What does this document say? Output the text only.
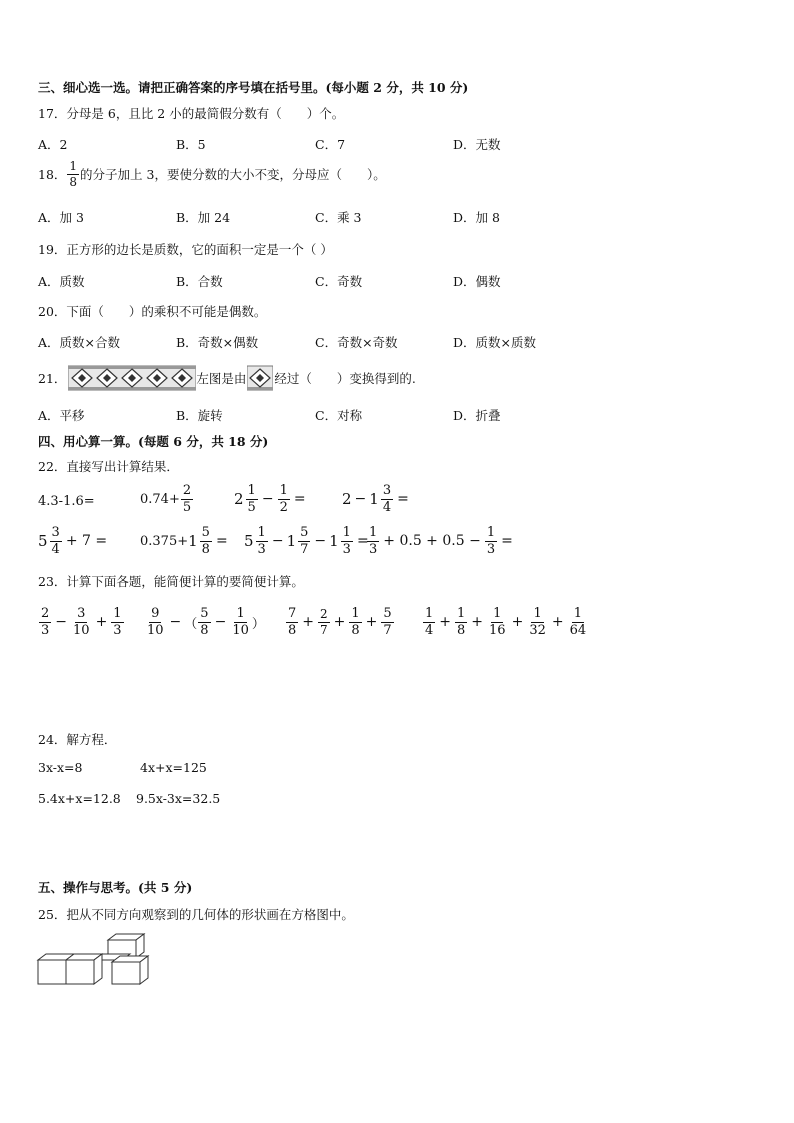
三、细心选一选。请把正确答案的序号填在括号里。(每小题 2 分，共 10 分)
17．分母是 6，且比 2 小的最简假分数有（　　）个。
A．2	B．5	C．7	D．无数
18． $\frac{1}{8}$ 的分子加上 3，要使分数的大小不变，分母应（　　）。
A．加 3	B．加 24	C．乘 3	D．加 8
19．正方形的边长是质数，它的面积一定是一个（ ）
A．质数	B．合数	C．奇数	D．偶数
20．下面（　　）的乘积不可能是偶数。
A．质数×合数	B．奇数×偶数	C．奇数×奇数	D．质数×质数
21．	左图是由 经过（　　）变换得到的.
A．平移	B．旋转	C．对称	D．折叠
四、用心算一算。(每题 6 分，共 18 分)
22．直接写出计算结果．
4.3-1.6=	$0.74+ \frac{2}{5}$	$2 \frac{1}{5} - \frac{1}{2} = 2 - 1 \frac{3}{4}$ =
$5 \frac{3}{4} + 7$ =	$0.375+ 1 \frac{5}{8} = 5 \frac{1}{3} - 1 \frac{5}{7} - 1 \frac{1}{3}$ =
$\frac{1}{3} + 0.5 + 0.5 - \frac{1}{3}$ =
23．计算下面各题，能简便计算的要简便计算。
$\frac{2}{3} - \frac{3}{10} + \frac{1}{3} \frac{9}{10}$ − （ $\frac{5}{8} - \frac{1}{10}$ ） $\frac{7}{8} + \frac{2}{7} + \frac{1}{8} + \frac{5}{7} \frac{1}{4} + \frac{1}{8} + \frac{1}{16} + \frac{1}{32} + \frac{1}{64}$
24．解方程．
3x-x=8	4x+x=125
5.4x+x=12.8 9.5x-3x=32.5
五、操作与思考。(共 5 分)
25．把从不同方向观察到的几何体的形状画在方格图中。
